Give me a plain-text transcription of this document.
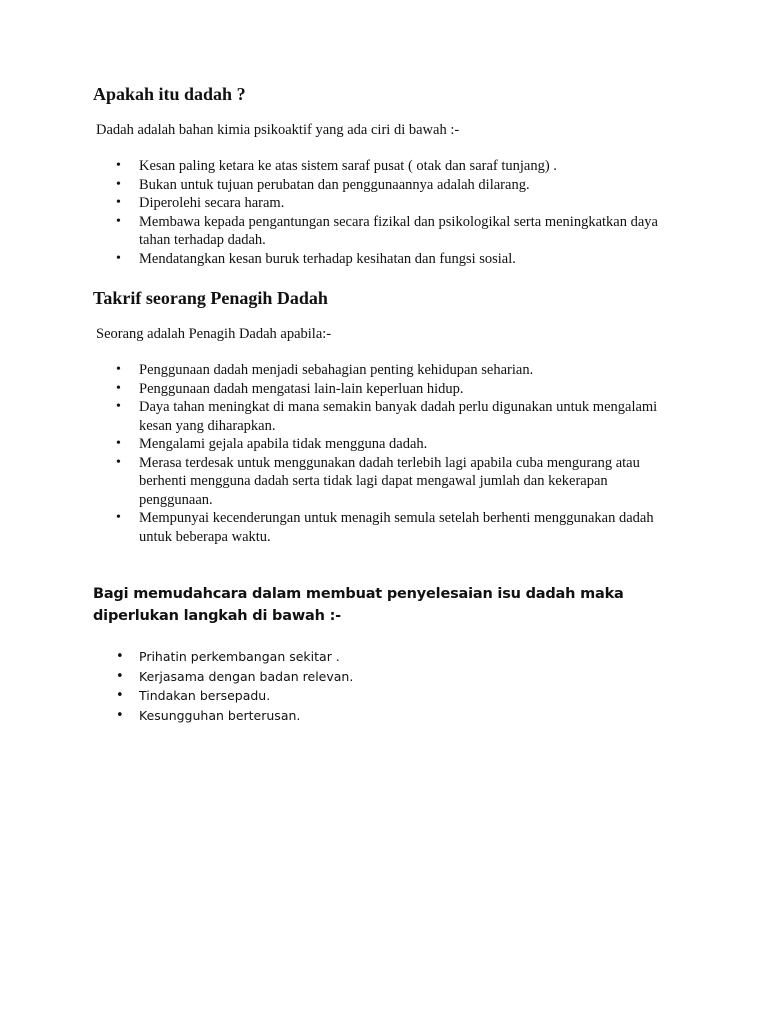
Apakah itu dadah ?

Dadah adalah bahan kimia psikoaktif yang ada ciri di bawah :-

•	Kesan paling ketara ke atas sistem saraf pusat ( otak dan saraf tunjang) .
•	Bukan untuk tujuan perubatan dan penggunaannya adalah dilarang.
•	Diperolehi secara haram.
•	Membawa kepada pengantungan secara fizikal dan psikologikal serta meningkatkan daya tahan terhadap dadah.
•	Mendatangkan kesan buruk terhadap kesihatan dan fungsi sosial.
Takrif seorang Penagih Dadah

Seorang adalah Penagih Dadah apabila:-

•	Penggunaan dadah menjadi sebahagian penting kehidupan seharian.
•	Penggunaan dadah mengatasi lain-lain keperluan hidup.
•	Daya tahan meningkat di mana semakin banyak dadah perlu digunakan untuk mengalami kesan yang diharapkan.
•	Mengalami gejala apabila tidak mengguna dadah.
•	Merasa terdesak untuk menggunakan dadah terlebih lagi apabila cuba mengurang atau berhenti mengguna dadah serta tidak lagi dapat mengawal jumlah dan kekerapan penggunaan.
•	Mempunyai kecenderungan untuk menagih semula setelah berhenti menggunakan dadah untuk beberapa waktu.
Bagi memudahcara dalam membuat penyelesaian isu dadah maka diperlukan langkah di bawah :-
• Prihatin perkembangan sekitar .
• Kerjasama dengan badan relevan.
• Tindakan bersepadu.
• Kesungguhan berterusan.
